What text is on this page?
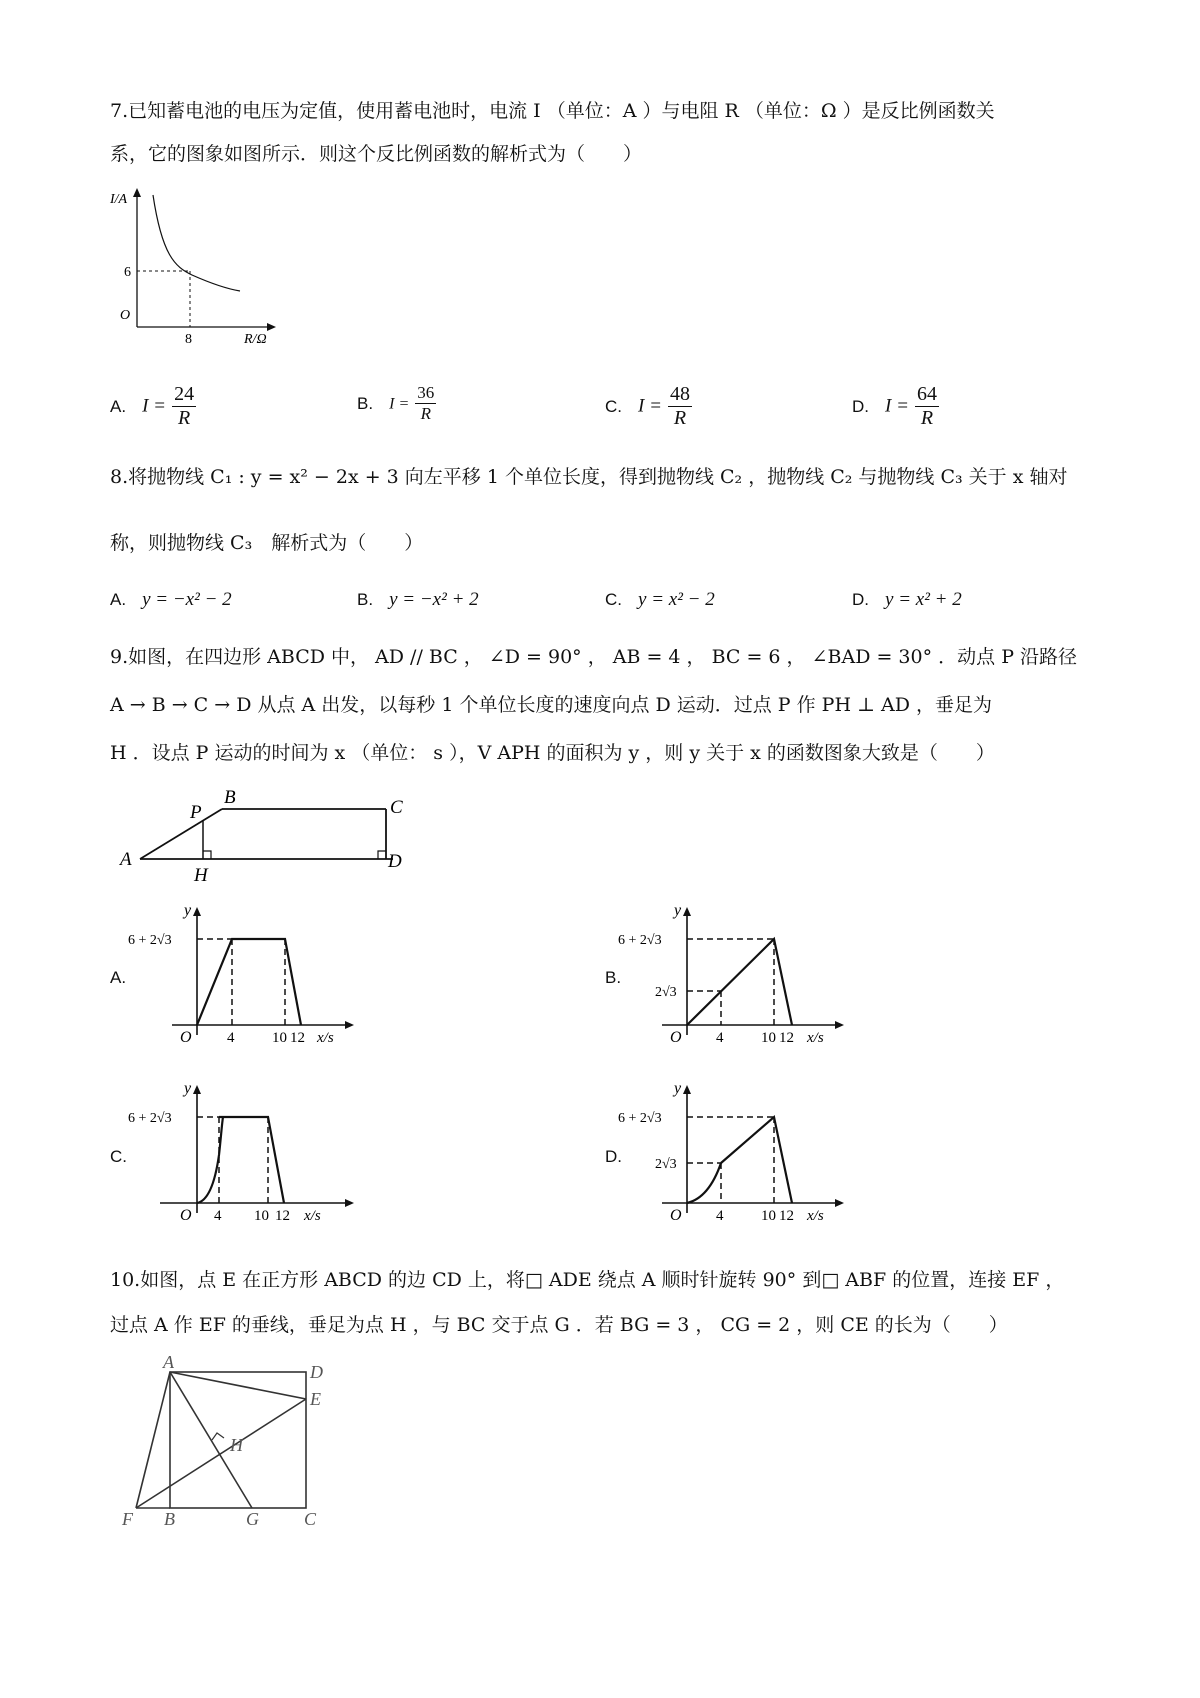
7.已知蓄电池的电压为定值，使用蓄电池时，电流 I （单位：A ）与电阻 R （单位：Ω ）是反比例函数关
系，它的图象如图所示．则这个反比例函数的解析式为（　　）
I/A
R/Ω
O
8
6
A. $I = \frac{24}{R}$	B. $I = \frac{36}{R}$	C. $I = \frac{48}{R}$	D. $I = \frac{64}{R}$
8.将抛物线 C₁ : y = x² − 2x + 3 向左平移 1 个单位长度，得到抛物线 C₂ ，抛物线 C₂ 与抛物线 C₃ 关于 x 轴对
称，则抛物线 C₃　解析式为（　　）
A. y = −x² − 2	B. y = −x² + 2	C. y = x² − 2	D. y = x² + 2
9.如图，在四边形 ABCD 中， AD // BC ， ∠D = 90° ， AB = 4 ， BC = 6 ， ∠BAD = 30° ．动点 P 沿路径
A → B → C → D 从点 A 出发，以每秒 1 个单位长度的速度向点 D 运动．过点 P 作 PH ⊥ AD ，垂足为
H ．设点 P 运动的时间为 x （单位： s ），V APH 的面积为 y ，则 y 关于 x 的函数图象大致是（　　）
A
B	C
D
P
H
A.	B.
C.	D.
y
6 + 2√3
O 4	10 12 x/s
y
6 + 2√3
2√3
O 4	10 12 x/s
y
6 + 2√3
O 4 10 12 x/s
y
6 + 2√3
2√3
O 4	10 12 x/s
10.如图，点 E 在正方形 ABCD 的边 CD 上，将□ ADE 绕点 A 顺时针旋转 90° 到□ ABF 的位置，连接 EF ，
过点 A 作 EF 的垂线，垂足为点 H ，与 BC 交于点 G ．若 BG = 3 ， CG = 2 ，则 CE 的长为（　　）
A	D
E
H
F B	G	C
